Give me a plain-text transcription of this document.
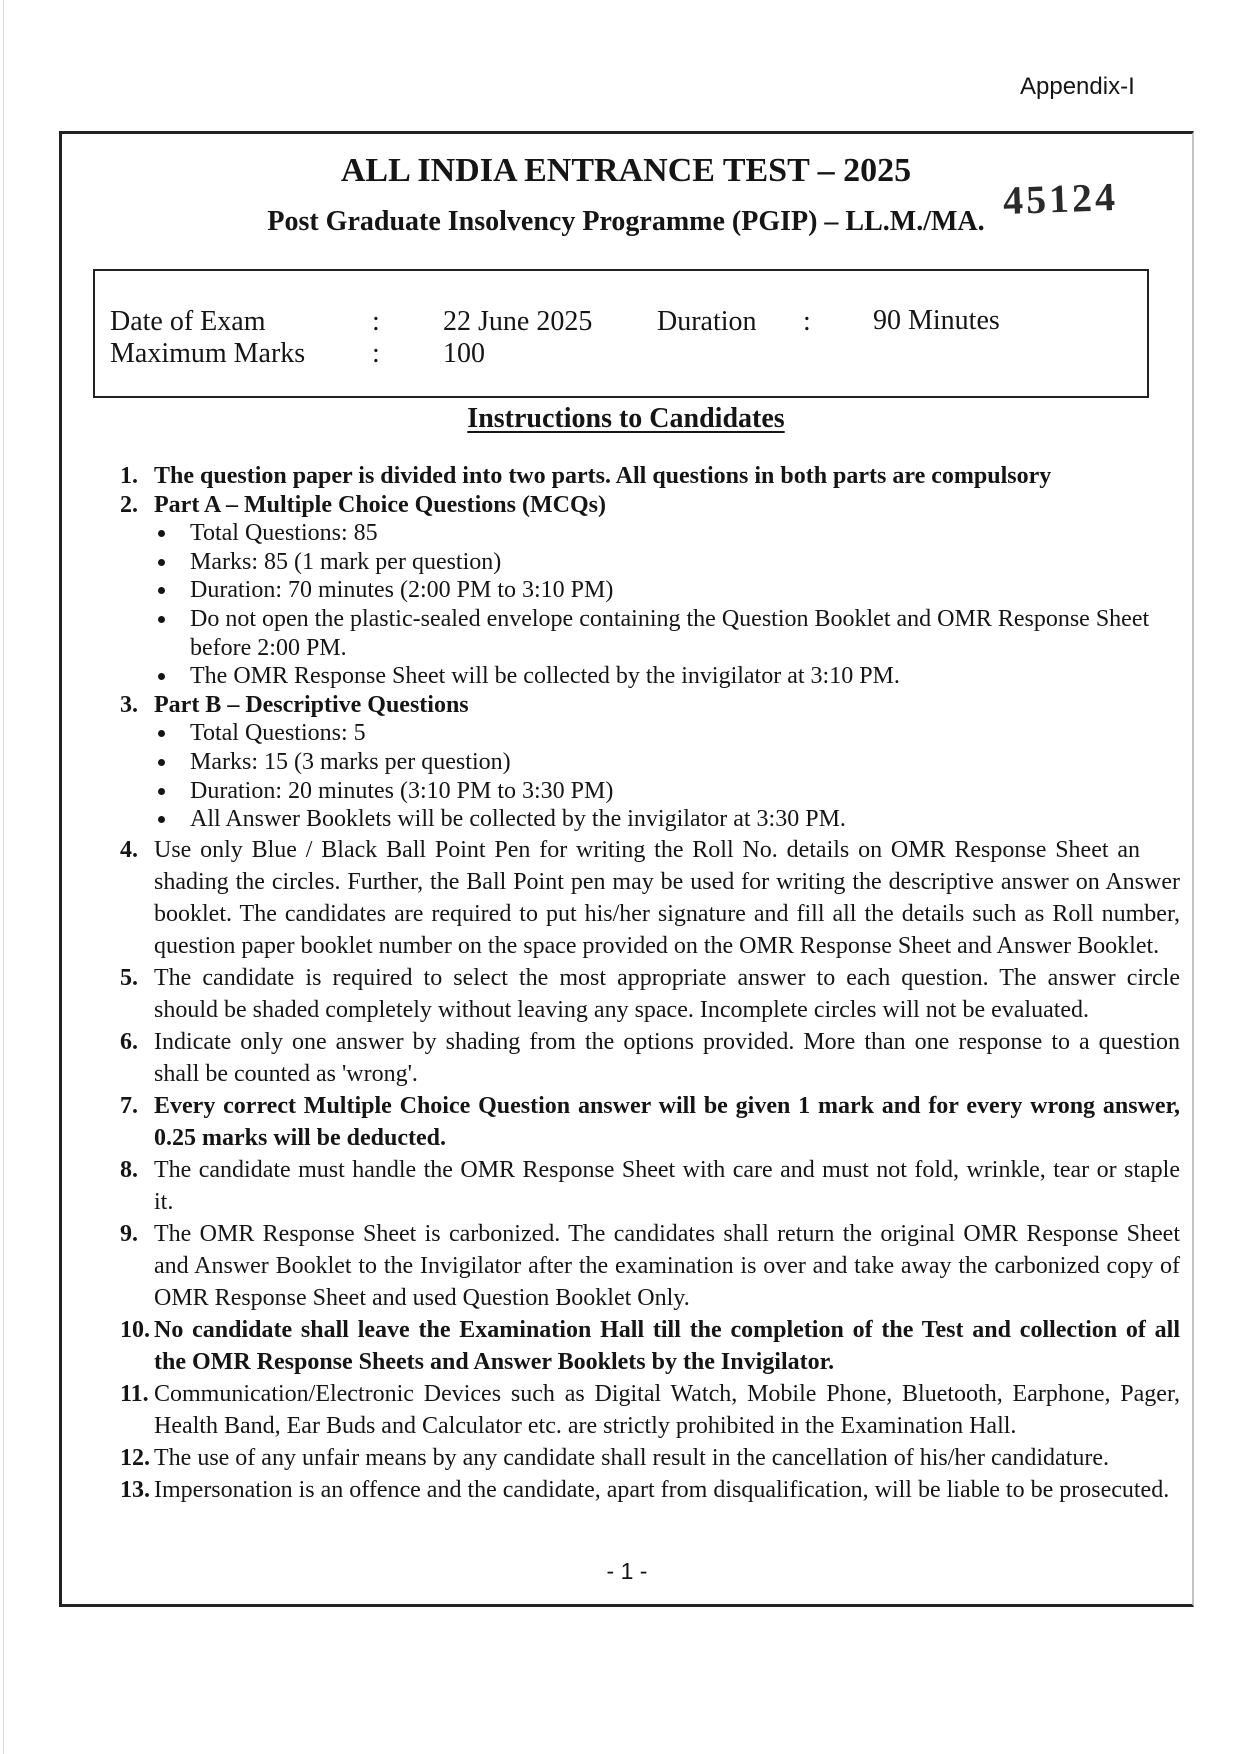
Appendix-I
ALL INDIA ENTRANCE TEST – 2025
Post Graduate Insolvency Programme (PGIP) – LL.M./MA. 45124
Date of Exam	: 22 June 2025 Duration : 90 Minutes
Maximum Marks : 100
Instructions to Candidates
1. The question paper is divided into two parts. All questions in both parts are compulsory
2. Part A – Multiple Choice Questions (MCQs)
Total Questions: 85
Marks: 85 (1 mark per question)
Duration: 70 minutes (2:00 PM to 3:10 PM)
Do not open the plastic-sealed envelope containing the Question Booklet and OMR Response Sheet
before 2:00 PM.
The OMR Response Sheet will be collected by the invigilator at 3:10 PM.
3. Part B – Descriptive Questions
Total Questions: 5
Marks: 15 (3 marks per question)
Duration: 20 minutes (3:10 PM to 3:30 PM)
All Answer Booklets will be collected by the invigilator at 3:30 PM.
4. Use only Blue / Black Ball Point Pen for writing the Roll No. details on OMR Response Sheet an
shading the circles. Further, the Ball Point pen may be used for writing the descriptive answer on Answer
booklet. The candidates are required to put his/her signature and fill all the details such as Roll number,
question paper booklet number on the space provided on the OMR Response Sheet and Answer Booklet.
5. The candidate is required to select the most appropriate answer to each question. The answer circle
should be shaded completely without leaving any space. Incomplete circles will not be evaluated.
6. Indicate only one answer by shading from the options provided. More than one response to a question
shall be counted as 'wrong'.
7. Every correct Multiple Choice Question answer will be given 1 mark and for every wrong answer,
0.25 marks will be deducted.
8. The candidate must handle the OMR Response Sheet with care and must not fold, wrinkle, tear or staple
it.
9. The OMR Response Sheet is carbonized. The candidates shall return the original OMR Response Sheet
and Answer Booklet to the Invigilator after the examination is over and take away the carbonized copy of
OMR Response Sheet and used Question Booklet Only.
10. No candidate shall leave the Examination Hall till the completion of the Test and collection of all
the OMR Response Sheets and Answer Booklets by the Invigilator.
11. Communication/Electronic Devices such as Digital Watch, Mobile Phone, Bluetooth, Earphone, Pager,
Health Band, Ear Buds and Calculator etc. are strictly prohibited in the Examination Hall.
12. The use of any unfair means by any candidate shall result in the cancellation of his/her candidature.
13. Impersonation is an offence and the candidate, apart from disqualification, will be liable to be prosecuted.
- 1 -
